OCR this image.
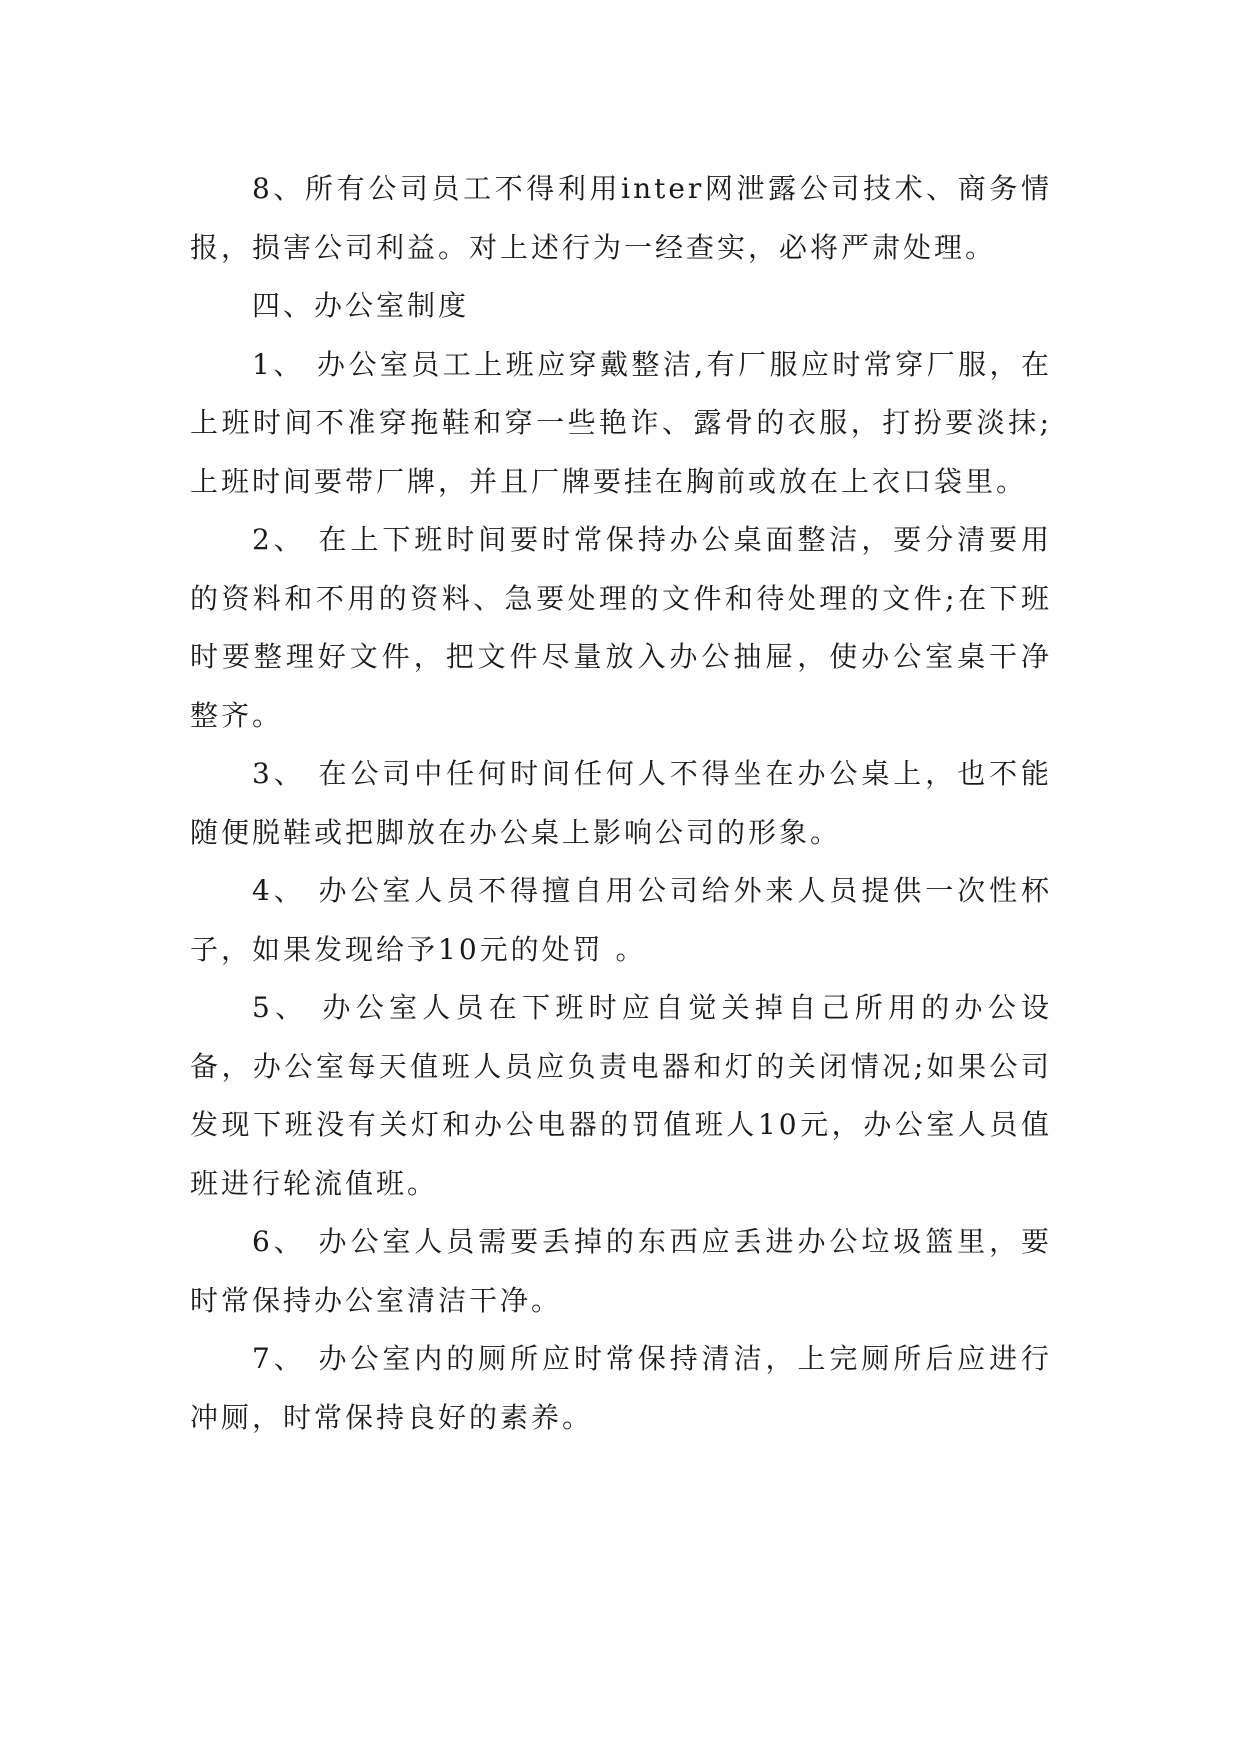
8、所有公司员工不得利用inter网泄露公司技术、商务情报，损害公司利益。对上述行为一经查实，必将严肃处理。

四、办公室制度

1、 办公室员工上班应穿戴整洁,有厂服应时常穿厂服，在上班时间不准穿拖鞋和穿一些艳诈、露骨的衣服，打扮要淡抹;上班时间要带厂牌，并且厂牌要挂在胸前或放在上衣口袋里。

2、 在上下班时间要时常保持办公桌面整洁，要分清要用的资料和不用的资料、急要处理的文件和待处理的文件;在下班时要整理好文件，把文件尽量放入办公抽屉，使办公室桌干净整齐。

3、 在公司中任何时间任何人不得坐在办公桌上，也不能随便脱鞋或把脚放在办公桌上影响公司的形象。

4、 办公室人员不得擅自用公司给外来人员提供一次性杯子，如果发现给予10元的处罚 。

5、 办公室人员在下班时应自觉关掉自己所用的办公设备，办公室每天值班人员应负责电器和灯的关闭情况;如果公司发现下班没有关灯和办公电器的罚值班人10元，办公室人员值班进行轮流值班。

6、 办公室人员需要丢掉的东西应丢进办公垃圾篮里，要时常保持办公室清洁干净。

7、 办公室内的厕所应时常保持清洁，上完厕所后应进行冲厕，时常保持良好的素养。
